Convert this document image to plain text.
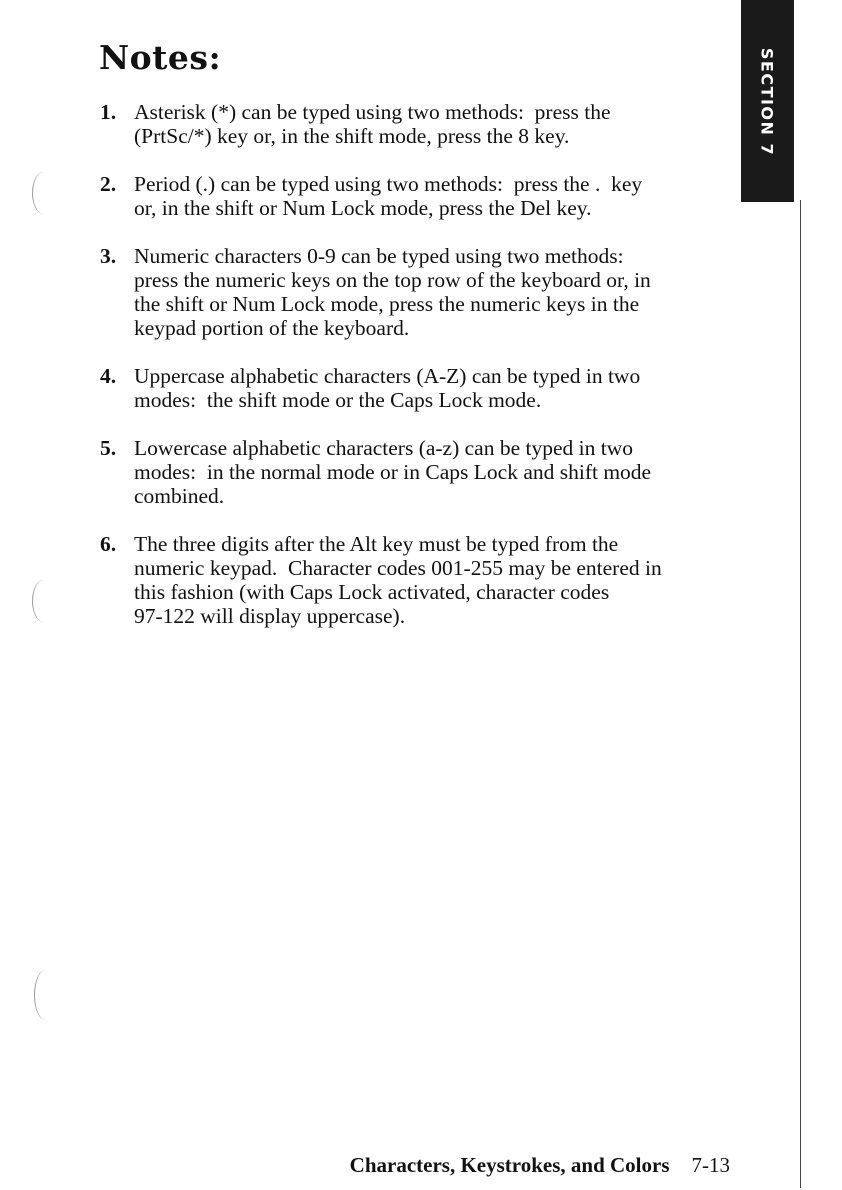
Notes:	SECTION 7
1. Asterisk (*) can be typed using two methods:  press the
(PrtSc/*) key or, in the shift mode, press the 8 key.
2. Period (.) can be typed using two methods:  press the .  key
or, in the shift or Num Lock mode, press the Del key.
3. Numeric characters 0-9 can be typed using two methods:
press the numeric keys on the top row of the keyboard or, in
the shift or Num Lock mode, press the numeric keys in the
keypad portion of the keyboard.
4. Uppercase alphabetic characters (A-Z) can be typed in two
modes:  the shift mode or the Caps Lock mode.
5. Lowercase alphabetic characters (a-z) can be typed in two
modes:  in the normal mode or in Caps Lock and shift mode
combined.
6. The three digits after the Alt key must be typed from the
numeric keypad.  Character codes 001-255 may be entered in
this fashion (with Caps Lock activated, character codes
97-122 will display uppercase).
Characters, Keystrokes, and Colors 7-13
